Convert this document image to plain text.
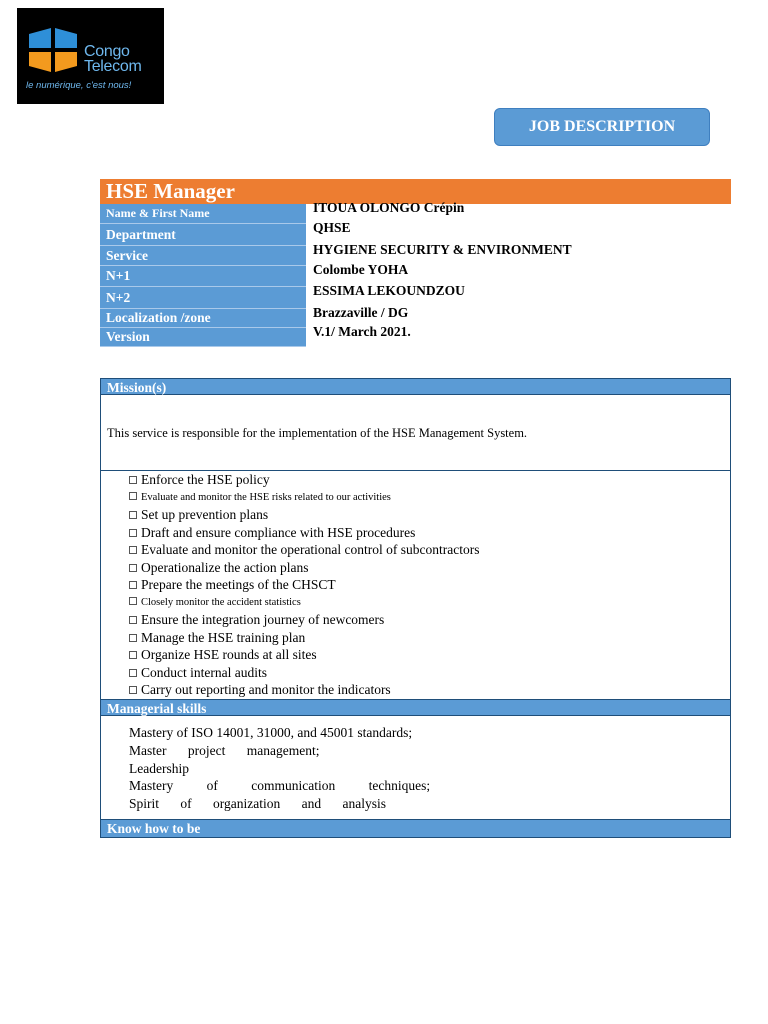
Congo
Telecom
le numérique, c'est nous!
JOB DESCRIPTION
HSE Manager
Name & First Name	ITOUA OLONGO Crépin
Department	QHSE
Service	HYGIENE SECURITY & ENVIRONMENT
N+1	Colombe YOHA
N+2	ESSIMA LEKOUNDZOU
Localization /zone	Brazzaville / DG
Version	V.1/ March 2021.
Mission(s)
This service is responsible for the implementation of the HSE Management System.
Enforce the HSE policy
Evaluate and monitor the HSE risks related to our activities
Set up prevention plans
Draft and ensure compliance with HSE procedures
Evaluate and monitor the operational control of subcontractors
Operationalize the action plans
Prepare the meetings of the CHSCT
Closely monitor the accident statistics
Ensure the integration journey of newcomers
Manage the HSE training plan
Organize HSE rounds at all sites
Conduct internal audits
Carry out reporting and monitor the indicators
Managerial skills
Mastery of ISO 14001, 31000, and 45001 standards;
Master project management;
Leadership
Mastery of communication techniques;
Spirit of organization and analysis
Know how to be
